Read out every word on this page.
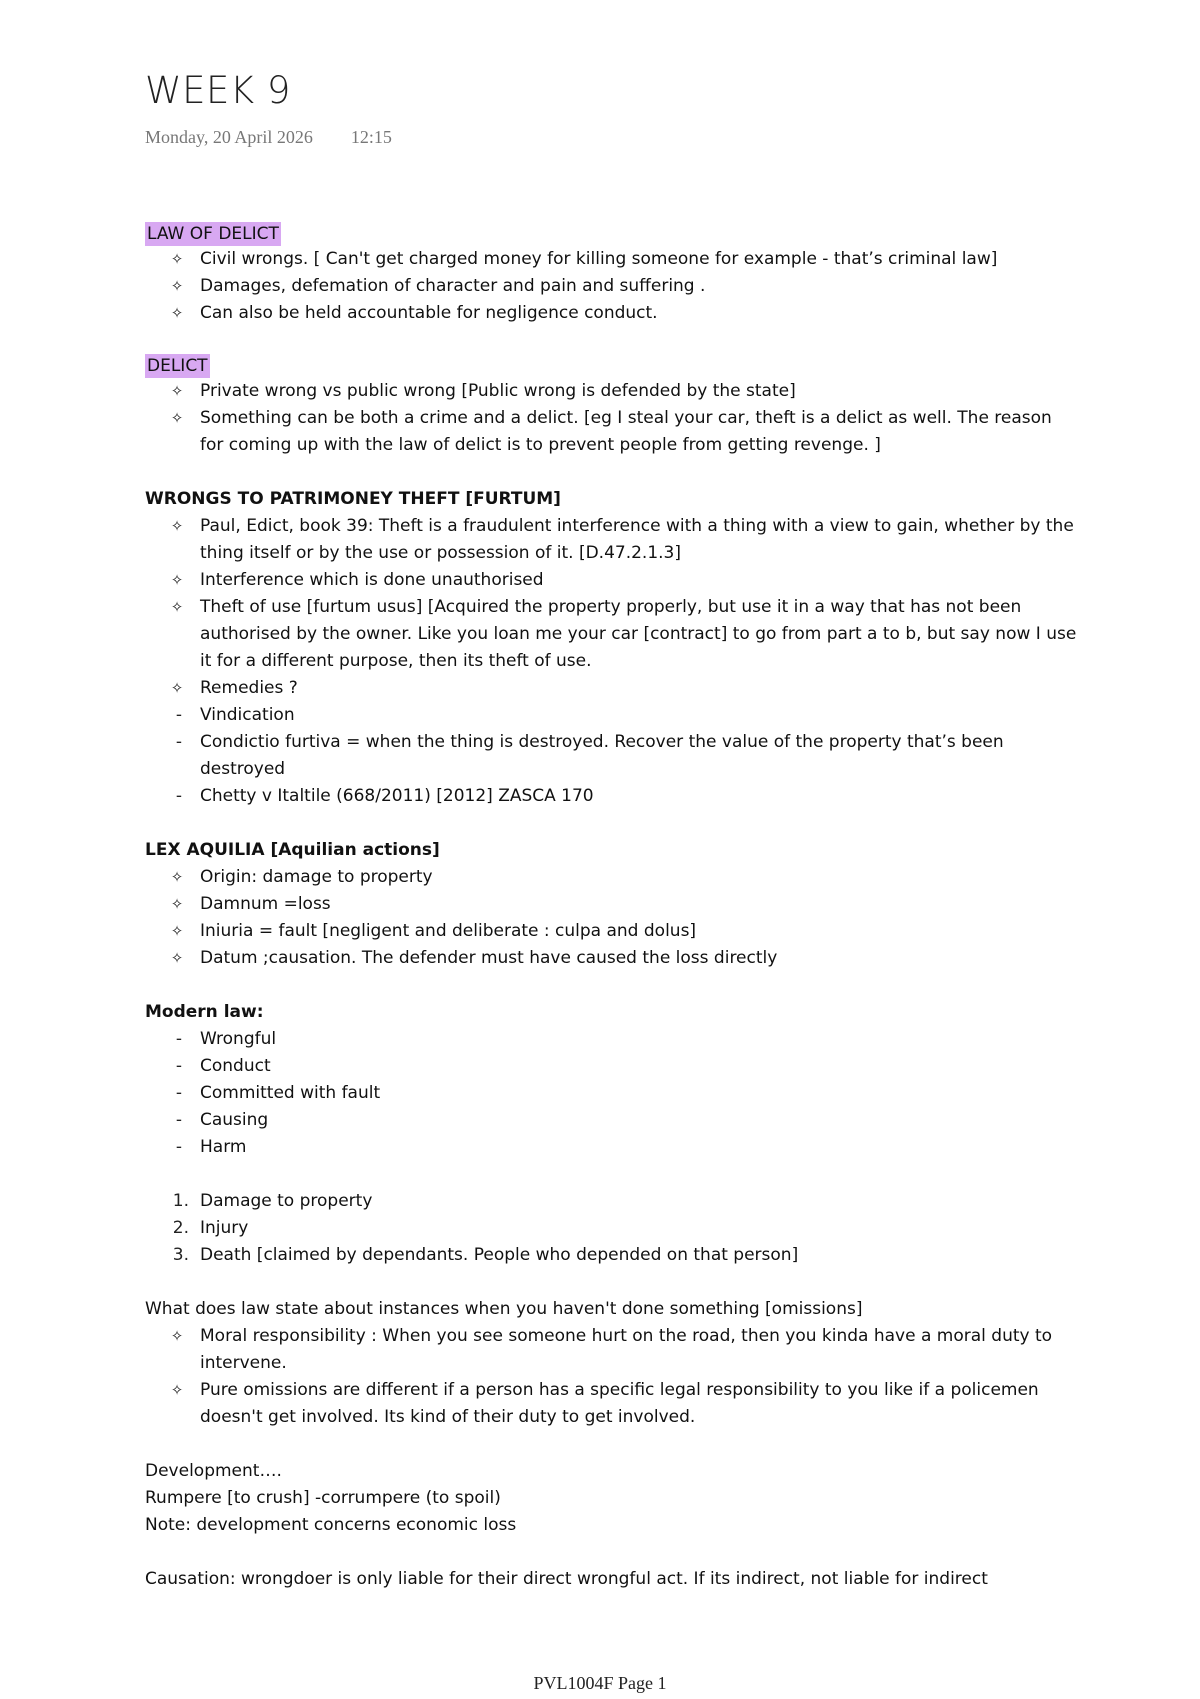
WEEK 9
Monday, 20 April 2026 12:15
LAW OF DELICT
✧ Civil wrongs. [ Can't get charged money for killing someone for example - that’s criminal law]
✧ Damages, defemation of character and pain and suffering .
✧ Can also be held accountable for negligence conduct.
DELICT
✧ Private wrong vs public wrong [Public wrong is defended by the state]
✧ Something can be both a crime and a delict. [eg I steal your car, theft is a delict as well. The reason for coming up with the law of delict is to prevent people from getting revenge. ]
WRONGS TO PATRIMONEY THEFT [FURTUM]
✧ Paul, Edict, book 39: Theft is a fraudulent interference with a thing with a view to gain, whether by the thing itself or by the use or possession of it. [D.47.2.1.3]
✧ Interference which is done unauthorised
✧ Theft of use [furtum usus] [Acquired the property properly, but use it in a way that has not been authorised by the owner. Like you loan me your car [contract] to go from part a to b, but say now I use it for a different purpose, then its theft of use.
✧ Remedies ?
-	Vindication
-	Condictio furtiva = when the thing is destroyed. Recover the value of the property that’s been destroyed
-	Chetty v Italtile (668/2011) [2012] ZASCA 170
LEX AQUILIA [Aquilian actions]
✧ Origin: damage to property
✧ Damnum =loss
✧ Iniuria = fault [negligent and deliberate : culpa and dolus]
✧ Datum ;causation. The defender must have caused the loss directly
Modern law:
-	Wrongful
-	Conduct
-	Committed with fault
-	Causing
-	Harm
1. Damage to property
2. Injury
3. Death [claimed by dependants. People who depended on that person]
What does law state about instances when you haven't done something [omissions]
✧ Moral responsibility : When you see someone hurt on the road, then you kinda have a moral duty to intervene.
✧ Pure omissions are different if a person has a specific legal responsibility to you like if a policemen doesn't get involved. Its kind of their duty to get involved.
Development….
Rumpere [to crush] -corrumpere (to spoil)
Note: development concerns economic loss
Causation: wrongdoer is only liable for their direct wrongful act. If its indirect, not liable for indirect
PVL1004F Page 1
